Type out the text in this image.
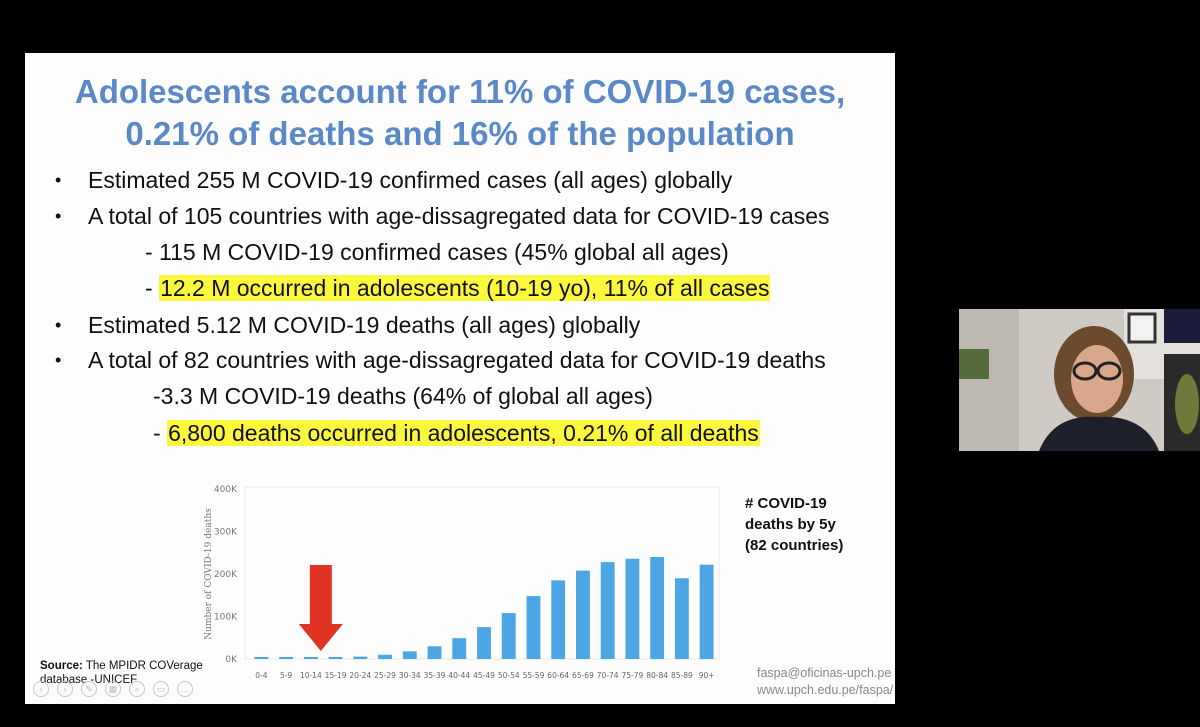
Adolescents account for 11% of COVID-19 cases,
0.21% of deaths and 16% of the population
• Estimated 255 M COVID-19 confirmed cases (all ages) globally
• A total of 105 countries with age-dissagregated data for COVID-19 cases
- 115 M COVID-19 confirmed cases (45% global all ages)
- 12.2 M occurred in adolescents (10-19 yo), 11% of all cases
• Estimated 5.12 M COVID-19 deaths (all ages) globally
• A total of 82 countries with age-dissagregated data for COVID-19 deaths
-3.3 M COVID-19 deaths (64% of global all ages)
- 6,800 deaths occurred in adolescents, 0.21% of all deaths
0K
100K
200K
300K
400K
Number of COVID-19 deaths
0-4 5-9 10-14 15-19 20-24 25-29 30-34 35-39 40-44 45-49 50-54 55-59 60-64 65-69 70-74 75-79 80-84 85-89 90+
# COVID-19
deaths by 5y
(82 countries)
Source: The MPIDR COVerage
database -UNICEF	faspa@oficinas-upch.pe
www.upch.edu.pe/faspa/
‹	›	✎	▦	⌕	▭	…
